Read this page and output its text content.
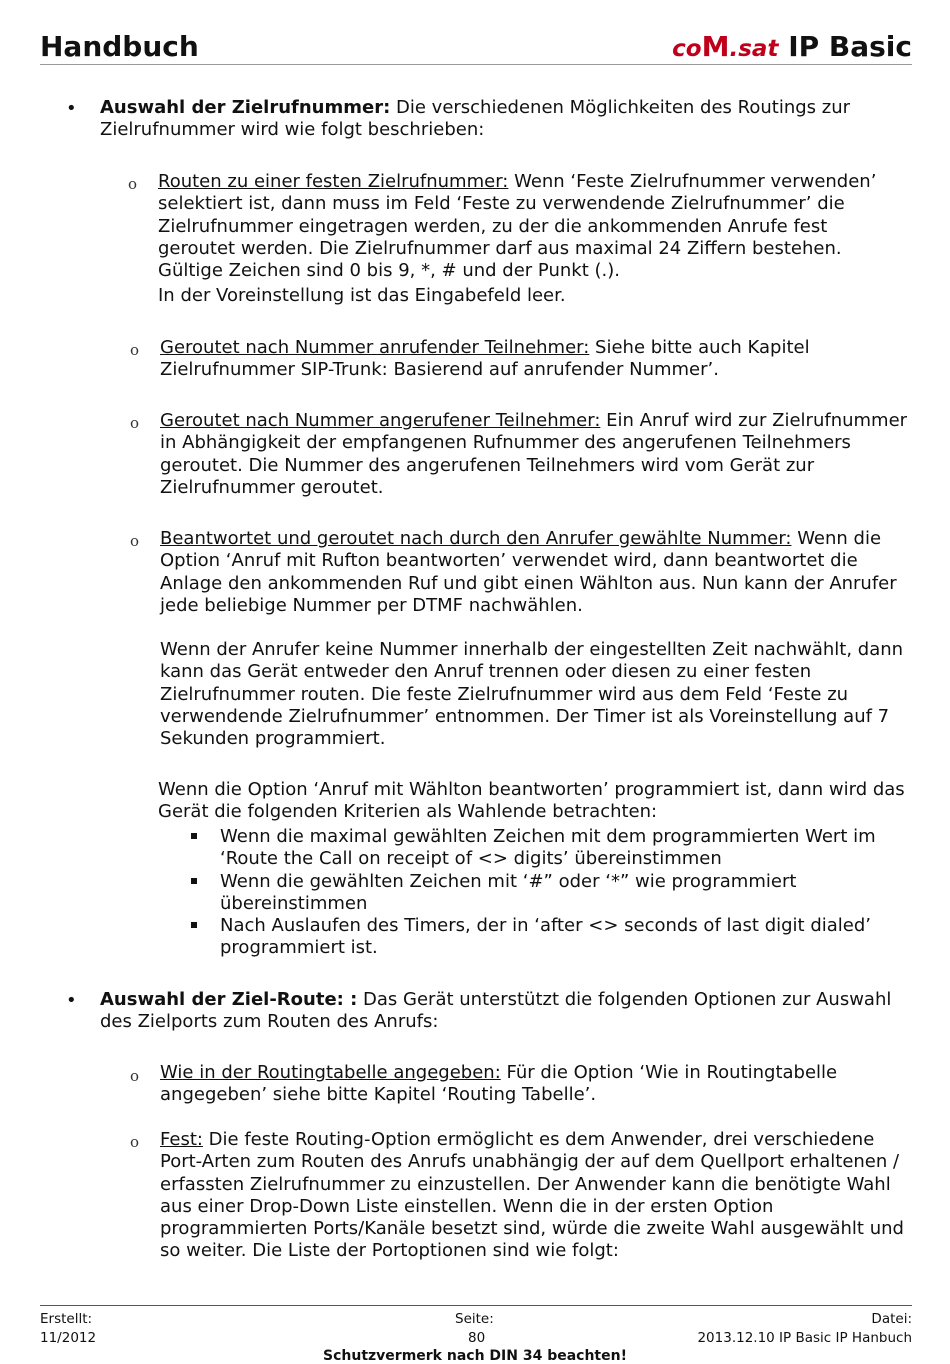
Handbuch	coM.sat IP Basic
• Auswahl der Zielrufnummer: Die verschiedenen Möglichkeiten des Routings zur Zielrufnummer wird wie folgt beschrieben:

o Routen zu einer festen Zielrufnummer: Wenn ‘Feste Zielrufnummer verwenden’ selektiert ist, dann muss im Feld ‘Feste zu verwendende Zielrufnummer’ die Zielrufnummer eingetragen werden, zu der die ankommenden Anrufe fest geroutet werden. Die Zielrufnummer darf aus maximal 24 Ziffern bestehen. Gültige Zeichen sind 0 bis 9, *, # und der Punkt (.).

In der Voreinstellung ist das Eingabefeld leer.

o Geroutet nach Nummer anrufender Teilnehmer: Siehe bitte auch Kapitel Zielrufnummer SIP-Trunk: Basierend auf anrufender Nummer’.

o Geroutet nach Nummer angerufener Teilnehmer: Ein Anruf wird zur Zielrufnummer in Abhängigkeit der empfangenen Rufnummer des angerufenen Teilnehmers geroutet. Die Nummer des angerufenen Teilnehmers wird vom Gerät zur Zielrufnummer geroutet.

o Beantwortet und geroutet nach durch den Anrufer gewählte Nummer: Wenn die Option ‘Anruf mit Rufton beantworten’ verwendet wird, dann beantwortet die Anlage den ankommenden Ruf und gibt einen Wählton aus. Nun kann der Anrufer jede beliebige Nummer per DTMF nachwählen.

Wenn der Anrufer keine Nummer innerhalb der eingestellten Zeit nachwählt, dann kann das Gerät entweder den Anruf trennen oder diesen zu einer festen Zielrufnummer routen. Die feste Zielrufnummer wird aus dem Feld ‘Feste zu verwendende Zielrufnummer’ entnommen. Der Timer ist als Voreinstellung auf 7 Sekunden programmiert.

Wenn die Option ‘Anruf mit Wählton beantworten’ programmiert ist, dann wird das Gerät die folgenden Kriterien als Wahlende betrachten:

Wenn die maximal gewählten Zeichen mit dem programmierten Wert im ‘Route the Call on receipt of <> digits’ übereinstimmen

Wenn die gewählten Zeichen mit ‘#” oder ‘*” wie programmiert übereinstimmen

Nach Auslaufen des Timers, der in ‘after <> seconds of last digit dialed’ programmiert ist.

• Auswahl der Ziel-Route: : Das Gerät unterstützt die folgenden Optionen zur Auswahl des Zielports zum Routen des Anrufs:

o Wie in der Routingtabelle angegeben: Für die Option ‘Wie in Routingtabelle angegeben’ siehe bitte Kapitel ‘Routing Tabelle’.

o Fest: Die feste Routing-Option ermöglicht es dem Anwender, drei verschiedene Port-Arten zum Routen des Anrufs unabhängig der auf dem Quellport erhaltenen / erfassten Zielrufnummer zu einzustellen. Der Anwender kann die benötigte Wahl aus einer Drop-Down Liste einstellen. Wenn die in der ersten Option programmierten Ports/Kanäle besetzt sind, würde die zweite Wahl ausgewählt und so weiter. Die Liste der Portoptionen sind wie folgt:

Erstellt:
11/2012
Seite:
80
Datei:
2013.12.10 IP Basic IP Hanbuch
Schutzvermerk nach DIN 34 beachten!
